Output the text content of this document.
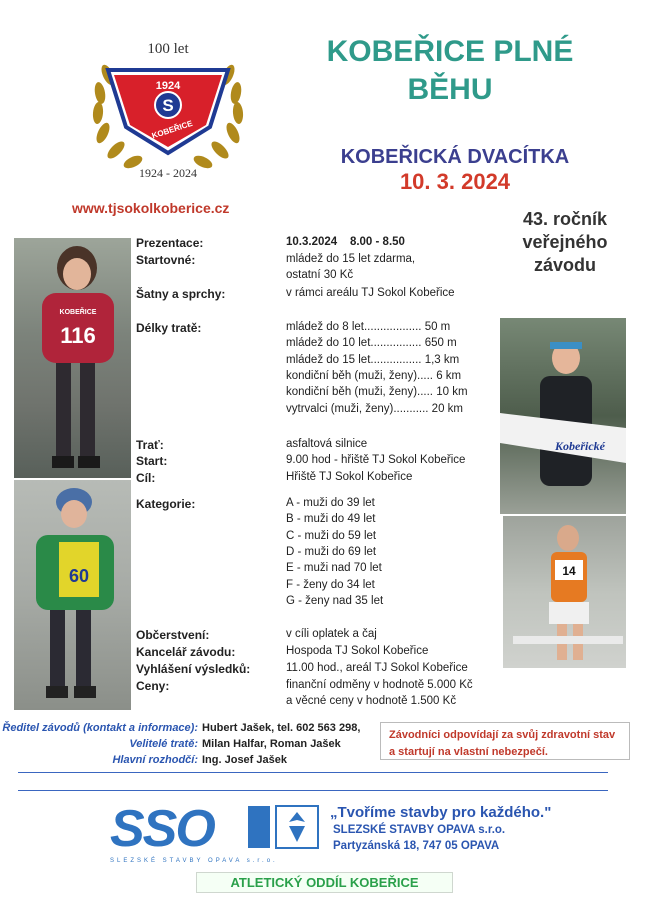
100 let
1924
S
KOBEŘICE
1924 - 2024
KOBEŘICE PLNÉ BĚHU
KOBEŘICKÁ DVACÍTKA
10. 3. 2024
www.tjsokolkoberice.cz
43. ročník veřejného závodu
KOBEŘICE
116
60
Kobeřické
14
Prezentace:	10.3.2024    8.00 - 8.50
Startovné:	mládež do 15 let zdarma,
ostatní 30 Kč
Šatny a sprchy:	v rámci areálu TJ Sokol Kobeřice
Délky tratě:	mládež do 8 let.................. 50 m
mládež do 10 let................ 650 m
mládež do 15 let................ 1,3 km
kondiční běh (muži, ženy)..... 6 km
kondiční běh (muži, ženy)..... 10 km
vytrvalci (muži, ženy)........... 20 km
Trať:	asfaltová silnice
Start:	9.00 hod - hřiště TJ Sokol Kobeřice
Cíl:	Hřiště TJ Sokol Kobeřice
Kategorie:	A - muži do 39 let
B - muži do 49 let
C - muži do 59 let
D - muži do 69 let
E - muži nad 70 let
F - ženy do 34 let
G - ženy nad 35 let
Občerstvení:	v cíli oplatek a čaj
Kancelář závodu:	Hospoda TJ Sokol Kobeřice
Vyhlášení výsledků:	11.00 hod., areál TJ Sokol Kobeřice
Ceny:	finanční odměny v hodnotě 5.000 Kč
a věcné ceny v hodnotě 1.500 Kč
Ředitel závodů (kontakt a informace): Hubert Jašek, tel. 602 563 298,
Velitelé tratě: Milan Halfar, Roman Jašek
Hlavní rozhodčí: Ing. Josef Jašek
Závodníci odpovídají za svůj zdravotní stav
a startují na vlastní nebezpečí.
SSO
SLEZSKÉ STAVBY OPAVA s.r.o.
„Tvoříme stavby pro každého."
SLEZSKÉ STAVBY OPAVA s.r.o.
Partyzánská 18, 747 05 OPAVA
ATLETICKÝ ODDÍL KOBEŘICE
